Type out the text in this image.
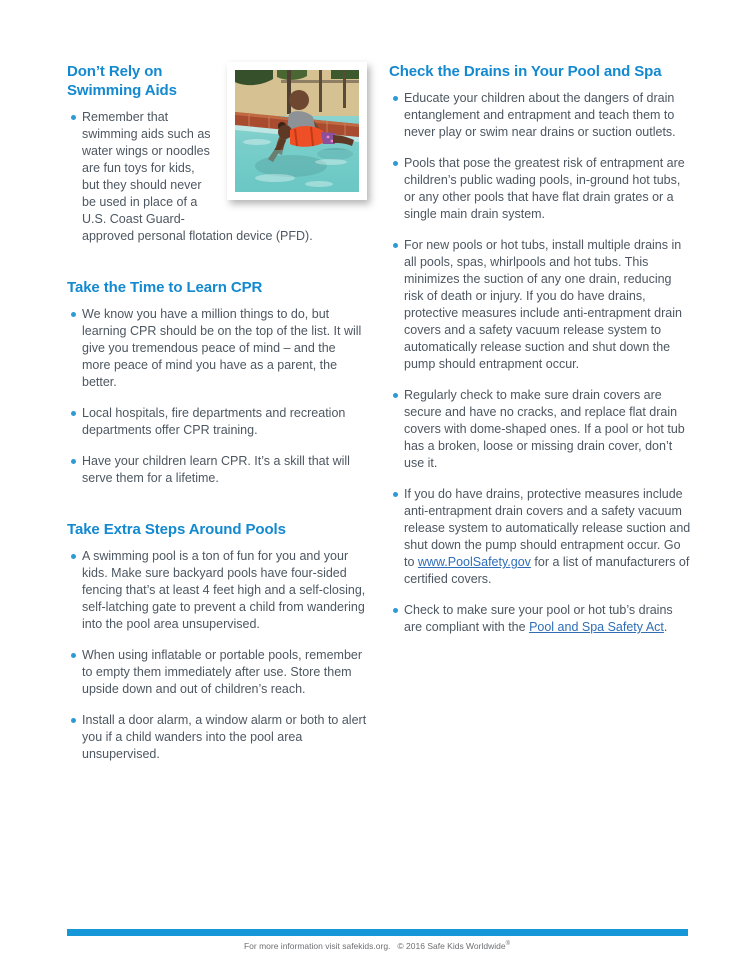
Don’t Rely on Swimming Aids

Remember that swimming aids such as water wings or noodles are fun toys for kids, but they should never be used in place of a U.S. Coast Guard-approved personal flotation device (PFD).

Take the Time to Learn CPR

We know you have a million things to do, but learning CPR should be on the top of the list. It will give you tremendous peace of mind – and the more peace of mind you have as a parent, the better.

Local hospitals, fire departments and recreation departments offer CPR training.

Have your children learn CPR. It’s a skill that will serve them for a lifetime.

Take Extra Steps Around Pools

A swimming pool is a ton of fun for you and your kids. Make sure backyard pools have four-sided fencing that’s at least 4 feet high and a self-closing, self-latching gate to prevent a child from wandering into the pool area unsupervised.

When using inflatable or portable pools, remember to empty them immediately after use. Store them upside down and out of children’s reach.

Install a door alarm, a window alarm or both to alert you if a child wanders into the pool area unsupervised.

Check the Drains in Your Pool and Spa

Educate your children about the dangers of drain entanglement and entrapment and teach them to never play or swim near drains or suction outlets.

Pools that pose the greatest risk of entrapment are children’s public wading pools, in-ground hot tubs, or any other pools that have flat drain grates or a single main drain system.

For new pools or hot tubs, install multiple drains in all pools, spas, whirlpools and hot tubs. This minimizes the suction of any one drain, reducing risk of death or injury. If you do have drains, protective measures include anti-entrapment drain covers and a safety vacuum release system to automatically release suction and shut down the pump should entrapment occur.

Regularly check to make sure drain covers are secure and have no cracks, and replace flat drain covers with dome-shaped ones. If a pool or hot tub has a broken, loose or missing drain cover, don’t use it.

If you do have drains, protective measures include anti-entrapment drain covers and a safety vacuum release system to automatically release suction and shut down the pump should entrapment occur. Go to www.PoolSafety.gov for a list of manufacturers of certified covers.

Check to make sure your pool or hot tub’s drains are compliant with the Pool and Spa Safety Act.

For more information visit safekids.org. © 2016 Safe Kids Worldwide®
